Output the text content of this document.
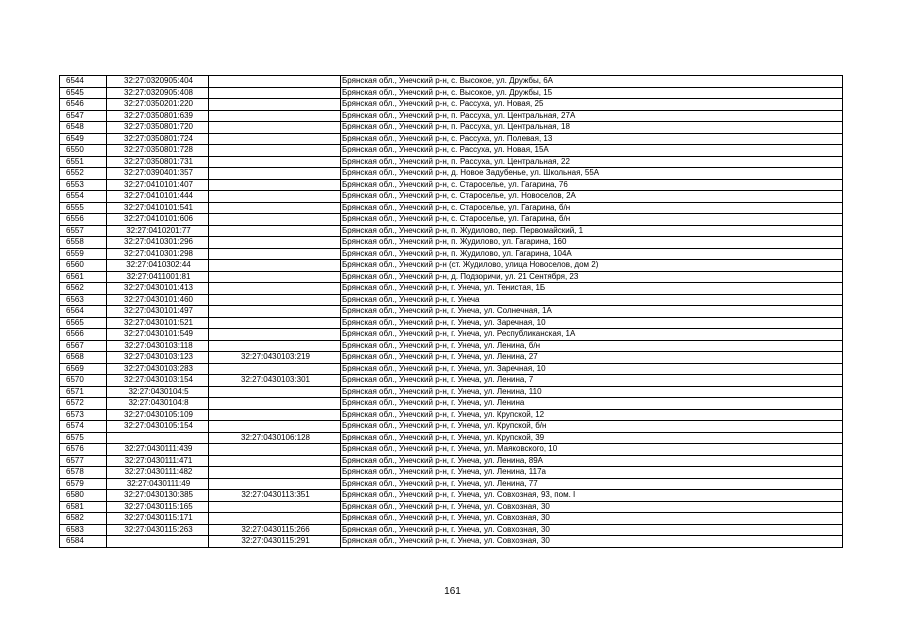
6544	32:27:0320905:404		Брянская обл., Унечский р-н, с. Высокое, ул. Дружбы, 6А
6545	32:27:0320905:408		Брянская обл., Унечский р-н, с. Высокое, ул. Дружбы, 15
6546	32:27:0350201:220		Брянская обл., Унечский р-н, с. Рассуха, ул. Новая, 25
6547	32:27:0350801:639		Брянская обл., Унечский р-н, п. Рассуха, ул. Центральная, 27А
6548	32:27:0350801:720		Брянская обл., Унечский р-н, п. Рассуха, ул. Центральная, 18
6549	32:27:0350801:724		Брянская обл., Унечский р-н, с. Рассуха, ул. Полевая, 13
6550	32:27:0350801:728		Брянская обл., Унечский р-н, с. Рассуха, ул. Новая, 15А
6551	32:27:0350801:731		Брянская обл., Унечский р-н, п. Рассуха, ул. Центральная, 22
6552	32:27:0390401:357		Брянская обл., Унечский р-н, д. Новое Задубенье, ул. Школьная, 55А
6553	32:27:0410101:407		Брянская обл., Унечский р-н, с. Староселье, ул. Гагарина, 76
6554	32:27:0410101:444		Брянская обл., Унечский р-н, с. Староселье, ул. Новоселов, 2А
6555	32:27:0410101:541		Брянская обл., Унечский р-н, с. Староселье, ул. Гагарина, б/н
6556	32:27:0410101:606		Брянская обл., Унечский р-н, с. Староселье, ул. Гагарина, б/н
6557	32:27:0410201:77		Брянская обл., Унечский р-н, п. Жудилово, пер. Первомайский, 1
6558	32:27:0410301:296		Брянская обл., Унечский р-н, п. Жудилово, ул. Гагарина, 160
6559	32:27:0410301:298		Брянская обл., Унечский р-н, п. Жудилово, ул. Гагарина, 104А
6560	32:27:0410302:44		Брянская обл., Унечский р-н (ст. Жудилово, улица Новоселов, дом 2)
6561	32:27:0411001:81		Брянская обл., Унечский р-н, д. Подзоричи, ул. 21 Сентября, 23
6562	32:27:0430101:413		Брянская обл., Унечский р-н, г. Унеча, ул. Тенистая, 1Б
6563	32:27:0430101:460		Брянская обл., Унечский р-н, г. Унеча
6564	32:27:0430101:497		Брянская обл., Унечский р-н, г. Унеча, ул. Солнечная, 1А
6565	32:27:0430101:521		Брянская обл., Унечский р-н, г. Унеча, ул. Заречная, 10
6566	32:27:0430101:549		Брянская обл., Унечский р-н, г. Унеча, ул. Республиканская, 1А
6567	32:27:0430103:118		Брянская обл., Унечский р-н, г. Унеча, ул. Ленина, б/н
6568	32:27:0430103:123	32:27:0430103:219	Брянская обл., Унечский р-н, г. Унеча, ул. Ленина, 27
6569	32:27:0430103:283		Брянская обл., Унечский р-н, г. Унеча, ул. Заречная, 10
6570	32:27:0430103:154	32:27:0430103:301	Брянская обл., Унечский р-н, г. Унеча, ул. Ленина, 7
6571	32:27:0430104:5		Брянская обл., Унечский р-н, г. Унеча, ул. Ленина, 110
6572	32:27:0430104:8		Брянская обл., Унечский р-н, г. Унеча, ул. Ленина
6573	32:27:0430105:109		Брянская обл., Унечский р-н, г. Унеча, ул. Крупской, 12
6574	32:27:0430105:154		Брянская обл., Унечский р-н, г. Унеча, ул. Крупской, б/н
6575		32:27:0430106:128	Брянская обл., Унечский р-н, г. Унеча, ул. Крупской, 39
6576	32:27:0430111:439		Брянская обл., Унечский р-н, г. Унеча, ул. Маяковского, 10
6577	32:27:0430111:471		Брянская обл., Унечский р-н, г. Унеча, ул. Ленина, 89А
6578	32:27:0430111:482		Брянская обл., Унечский р-н, г. Унеча, ул. Ленина, 117а
6579	32:27:0430111:49		Брянская обл., Унечский р-н, г. Унеча, ул. Ленина, 77
6580	32:27:0430130:385	32:27:0430113:351	Брянская обл., Унечский р-н, г. Унеча, ул. Совхозная, 93, пом. I
6581	32:27:0430115:165		Брянская обл., Унечский р-н, г. Унеча, ул. Совхозная, 30
6582	32:27:0430115:171		Брянская обл., Унечский р-н, г. Унеча, ул. Совхозная, 30
6583	32:27:0430115:263	32:27:0430115:266	Брянская обл., Унечский р-н, г. Унеча, ул. Совхозная, 30
6584		32:27:0430115:291	Брянская обл., Унечский р-н, г. Унеча, ул. Совхозная, 30
161
